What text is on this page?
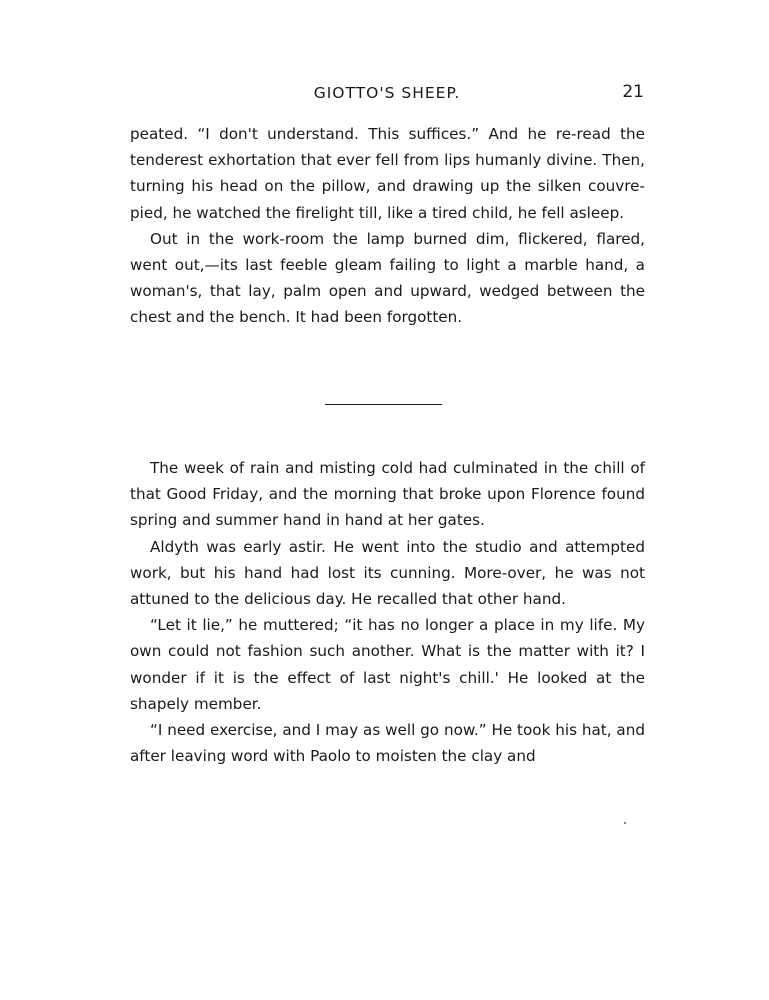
GIOTTO'S SHEEP.	21

peated. “I don't understand. This suffices.” And he re-read the tenderest exhortation that ever fell from lips humanly divine. Then, turning his head on the pillow, and drawing up the silken couvre-pied, he watched the firelight till, like a tired child, he fell asleep.

Out in the work-room the lamp burned dim, flickered, flared, went out,—its last feeble gleam failing to light a marble hand, a woman's, that lay, palm open and upward, wedged between the chest and the bench. It had been forgotten.

The week of rain and misting cold had culminated in the chill of that Good Friday, and the morning that broke upon Florence found spring and summer hand in hand at her gates.

Aldyth was early astir. He went into the studio and attempted work, but his hand had lost its cunning. More-over, he was not attuned to the delicious day. He recalled that other hand.

“Let it lie,” he muttered; “it has no longer a place in my life. My own could not fashion such another. What is the matter with it? I wonder if it is the effect of last night's chill.' He looked at the shapely member.

“I need exercise, and I may as well go now.” He took his hat, and after leaving word with Paolo to moisten the clay and
